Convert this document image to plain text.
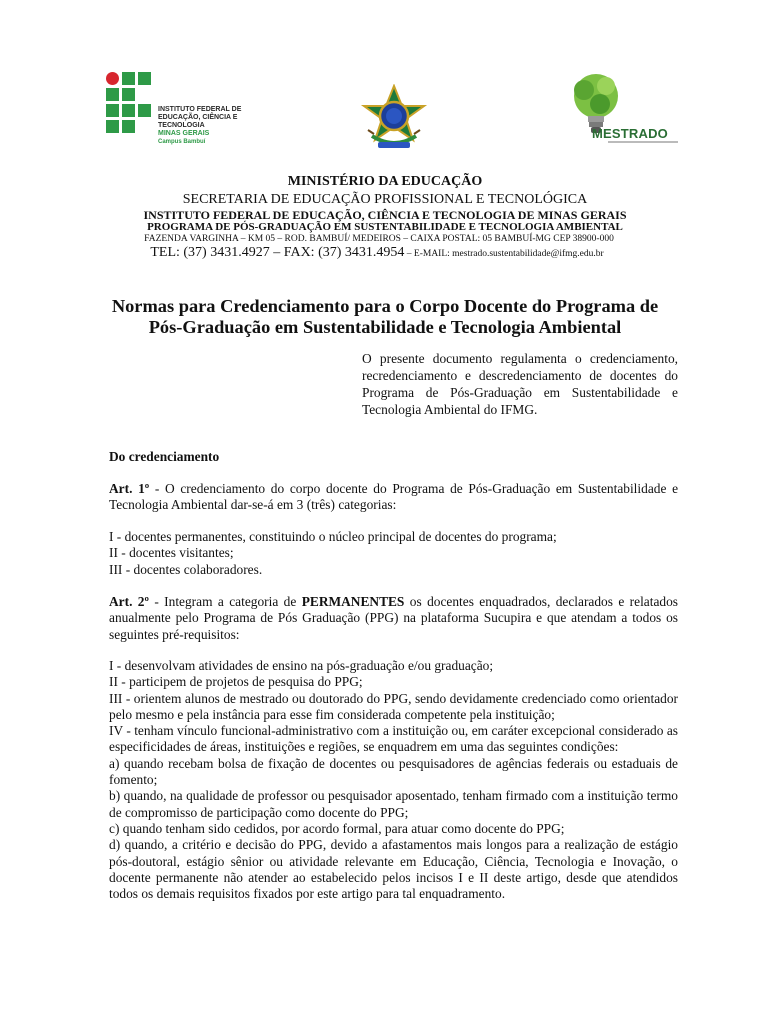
INSTITUTO FEDERAL DE
EDUCAÇÃO, CIÊNCIA E TECNOLOGIA
MINAS GERAIS
Campus Bambuí
MESTRADO
MINISTÉRIO DA EDUCAÇÃO
SECRETARIA DE EDUCAÇÃO PROFISSIONAL E TECNOLÓGICA
INSTITUTO FEDERAL DE EDUCAÇÃO, CIÊNCIA E TECNOLOGIA DE MINAS GERAIS
PROGRAMA DE PÓS-GRADUAÇÃO EM SUSTENTABILIDADE E TECNOLOGIA AMBIENTAL
FAZENDA VARGINHA – KM 05 – ROD. BAMBUÍ/ MEDEIROS – CAIXA POSTAL: 05 BAMBUÍ-MG CEP 38900-000
TEL: (37) 3431.4927 – FAX: (37) 3431.4954 – E-MAIL: mestrado.sustentabilidade@ifmg.edu.br
Normas para Credenciamento para o Corpo Docente do Programa de
Pós-Graduação em Sustentabilidade e Tecnologia Ambiental
O presente documento regulamenta o credenciamento, recredenciamento e descredenciamento de docentes do Programa de Pós-Graduação em Sustentabilidade e Tecnologia Ambiental do IFMG.
Do credenciamento
Art. 1º - O credenciamento do corpo docente do Programa de Pós-Graduação em Sustentabilidade e Tecnologia Ambiental dar-se-á em 3 (três) categorias:
I - docentes permanentes, constituindo o núcleo principal de docentes do programa;
II - docentes visitantes;
III - docentes colaboradores.
Art. 2º - Integram a categoria de PERMANENTES os docentes enquadrados, declarados e relatados anualmente pelo Programa de Pós Graduação (PPG) na plataforma Sucupira e que atendam a todos os seguintes pré-requisitos:
I - desenvolvam atividades de ensino na pós-graduação e/ou graduação;
II - participem de projetos de pesquisa do PPG;
III - orientem alunos de mestrado ou doutorado do PPG, sendo devidamente credenciado como orientador pelo mesmo e pela instância para esse fim considerada competente pela instituição;
IV - tenham vínculo funcional-administrativo com a instituição ou, em caráter excepcional considerado as especificidades de áreas, instituições e regiões, se enquadrem em uma das seguintes condições:
a) quando recebam bolsa de fixação de docentes ou pesquisadores de agências federais ou estaduais de fomento;
b) quando, na qualidade de professor ou pesquisador aposentado, tenham firmado com a instituição termo de compromisso de participação como docente do PPG;
c) quando tenham sido cedidos, por acordo formal, para atuar como docente do PPG;
d) quando, a critério e decisão do PPG, devido a afastamentos mais longos para a realização de estágio pós-doutoral, estágio sênior ou atividade relevante em Educação, Ciência, Tecnologia e Inovação, o docente permanente não atender ao estabelecido pelos incisos I e II deste artigo, desde que atendidos todos os demais requisitos fixados por este artigo para tal enquadramento.
